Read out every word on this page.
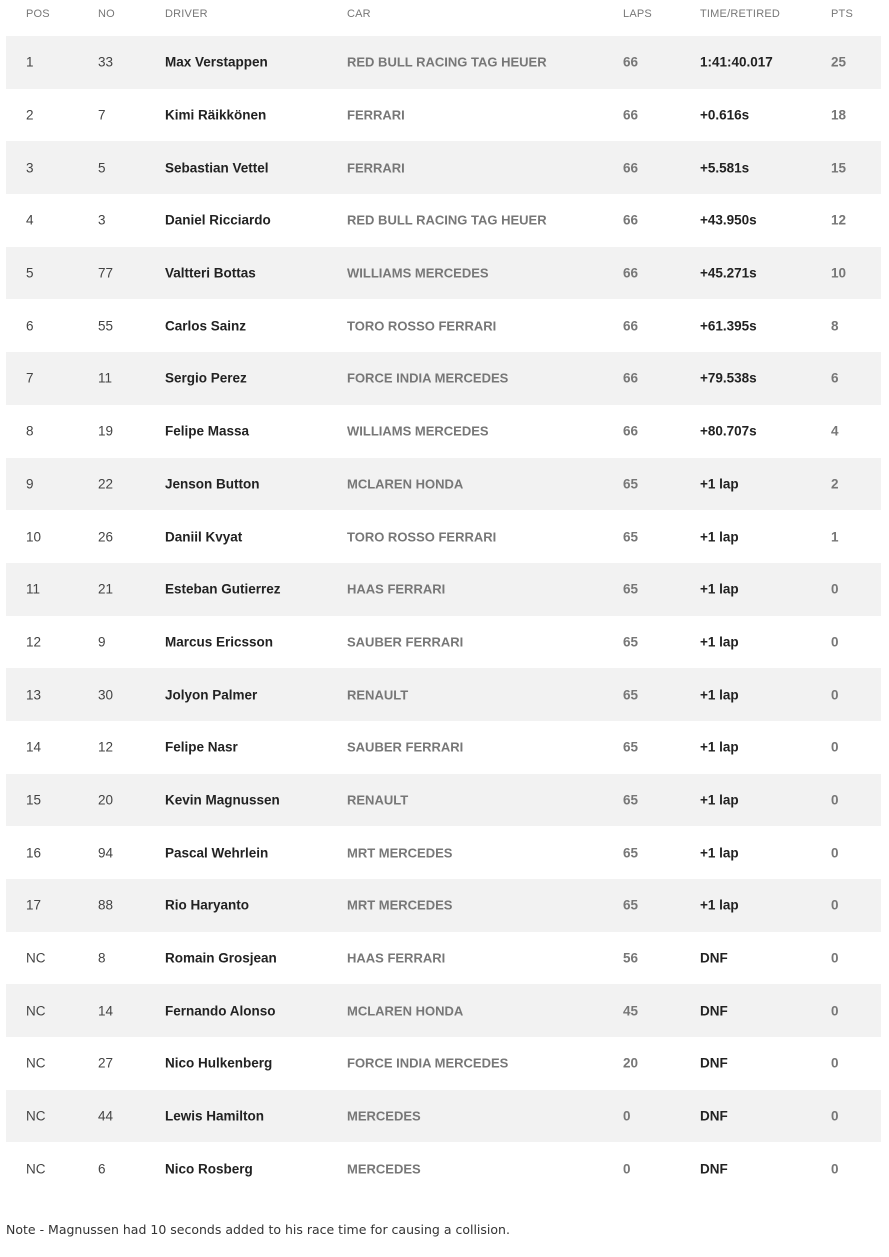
POS	NO	DRIVER	CAR	LAPS	TIME/RETIRED	PTS
1	33	Max Verstappen	RED BULL RACING TAG HEUER	66	1:41:40.017	25
2	7	Kimi Räikkönen	FERRARI	66	+0.616s	18
3	5	Sebastian Vettel	FERRARI	66	+5.581s	15
4	3	Daniel Ricciardo	RED BULL RACING TAG HEUER	66	+43.950s	12
5	77	Valtteri Bottas	WILLIAMS MERCEDES	66	+45.271s	10
6	55	Carlos Sainz	TORO ROSSO FERRARI	66	+61.395s	8
7	11	Sergio Perez	FORCE INDIA MERCEDES	66	+79.538s	6
8	19	Felipe Massa	WILLIAMS MERCEDES	66	+80.707s	4
9	22	Jenson Button	MCLAREN HONDA	65	+1 lap	2
10	26	Daniil Kvyat	TORO ROSSO FERRARI	65	+1 lap	1
11	21	Esteban Gutierrez	HAAS FERRARI	65	+1 lap	0
12	9	Marcus Ericsson	SAUBER FERRARI	65	+1 lap	0
13	30	Jolyon Palmer	RENAULT	65	+1 lap	0
14	12	Felipe Nasr	SAUBER FERRARI	65	+1 lap	0
15	20	Kevin Magnussen	RENAULT	65	+1 lap	0
16	94	Pascal Wehrlein	MRT MERCEDES	65	+1 lap	0
17	88	Rio Haryanto	MRT MERCEDES	65	+1 lap	0
NC	8	Romain Grosjean	HAAS FERRARI	56	DNF	0
NC	14	Fernando Alonso	MCLAREN HONDA	45	DNF	0
NC	27	Nico Hulkenberg	FORCE INDIA MERCEDES	20	DNF	0
NC	44	Lewis Hamilton	MERCEDES	0	DNF	0
NC	6	Nico Rosberg	MERCEDES	0	DNF	0
Note - Magnussen had 10 seconds added to his race time for causing a collision.
